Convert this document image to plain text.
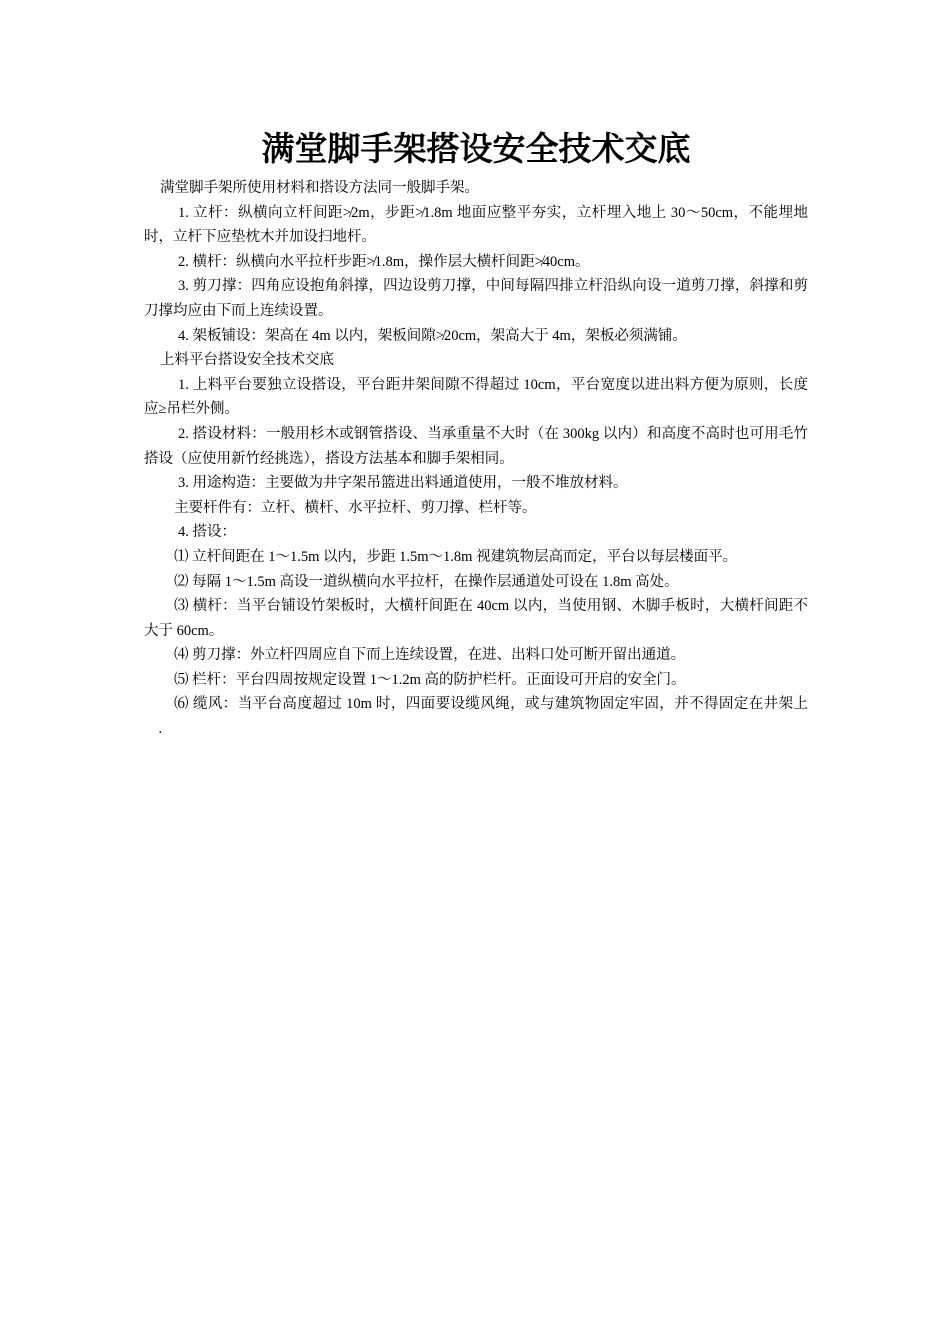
满堂脚手架搭设安全技术交底

满堂脚手架所使用材料和搭设方法同一般脚手架。

1. 立杆：纵横向立杆间距≯2m，步距≯1.8m 地面应整平夯实，立杆埋入地上 30～50cm，不能埋地时，立杆下应垫枕木并加设扫地杆。

2. 横杆：纵横向水平拉杆步距≯1.8m，操作层大横杆间距≯40cm。

3. 剪刀撑：四角应设抱角斜撑，四边设剪刀撑，中间每隔四排立杆沿纵向设一道剪刀撑，斜撑和剪刀撑均应由下而上连续设置。

4. 架板铺设：架高在 4m 以内，架板间隙≯20cm，架高大于 4m，架板必须满铺。

上料平台搭设安全技术交底

1. 上料平台要独立设搭设，平台距井架间隙不得超过 10cm，平台宽度以进出料方便为原则，长度应≥吊栏外侧。

2. 搭设材料：一般用杉木或钢管搭设、当承重量不大时（在 300kg 以内）和高度不高时也可用毛竹搭设（应使用新竹经挑选），搭设方法基本和脚手架相同。

3. 用途构造：主要做为井字架吊篮进出料通道使用，一般不堆放材料。

主要杆件有：立杆、横杆、水平拉杆、剪刀撑、栏杆等。

4. 搭设：

⑴ 立杆间距在 1～1.5m 以内，步距 1.5m～1.8m 视建筑物层高而定，平台以每层楼面平。

⑵ 每隔 1～1.5m 高设一道纵横向水平拉杆，在操作层通道处可设在 1.8m 高处。

⑶ 横杆：当平台铺设竹架板时，大横杆间距在 40cm 以内，当使用钢、木脚手板时，大横杆间距不大于 60cm。

⑷ 剪刀撑：外立杆四周应自下而上连续设置，在进、出料口处可断开留出通道。

⑸ 栏杆：平台四周按规定设置 1～1.2m 高的防护栏杆。正面设可开启的安全门。

⑹ 缆风：当平台高度超过 10m 时，四面要设缆风绳，或与建筑物固定牢固，并不得固定在井架上 　.
